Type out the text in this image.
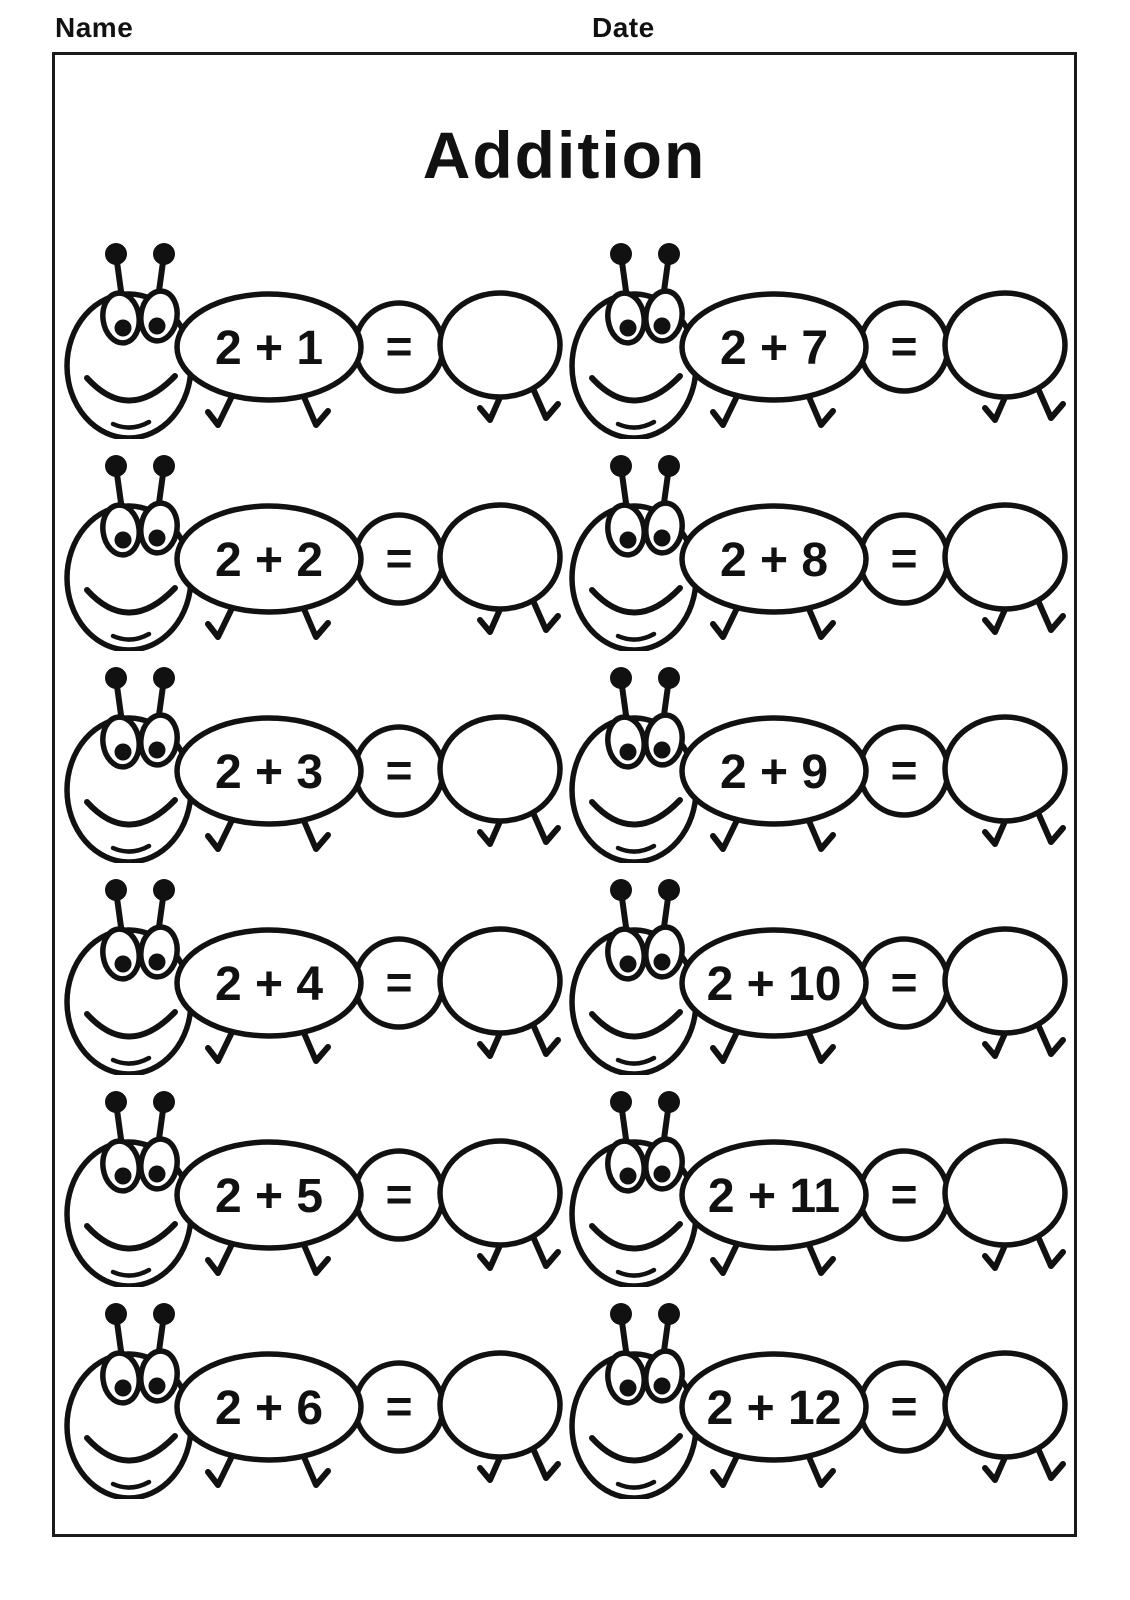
Name	Date
Addition
2 + 1 =	2 + 7 =
2 + 2 =	2 + 8 =
2 + 3 =	2 + 9 =
2 + 4 =	2 + 10 =
2 + 5 =	2 + 11 =
2 + 6 =	2 + 12 =
